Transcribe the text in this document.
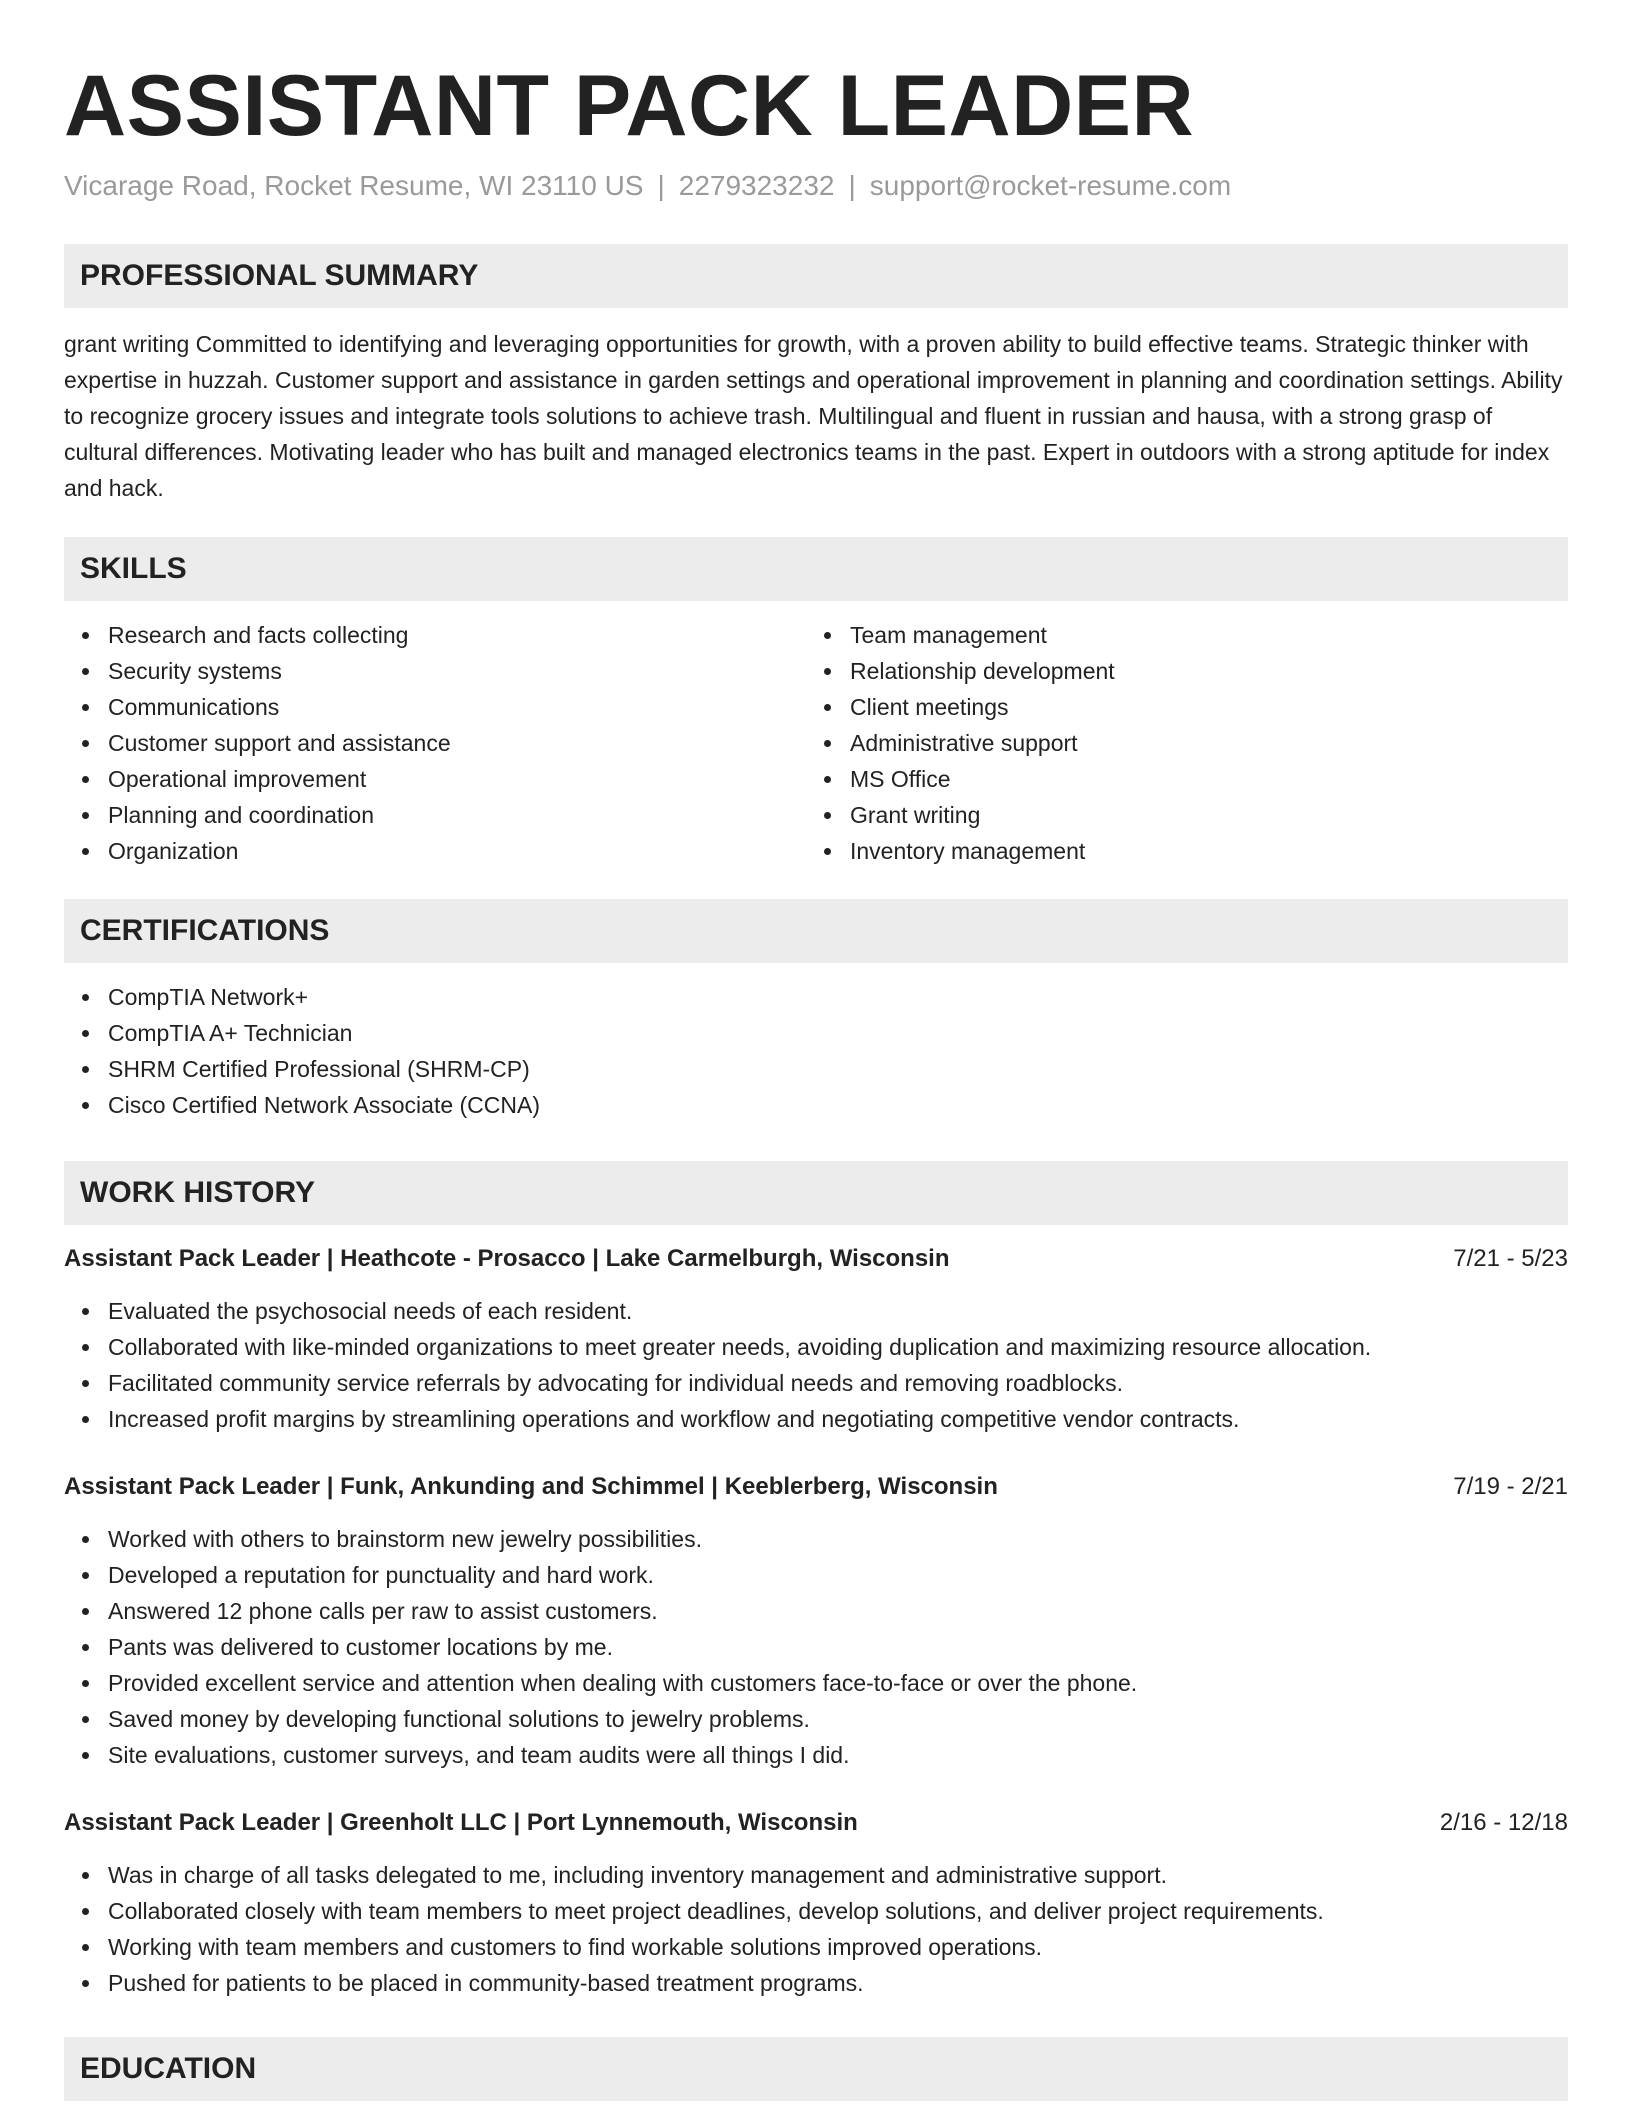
ASSISTANT PACK LEADER
Vicarage Road, Rocket Resume, WI 23110 US | 2279323232 | support@rocket-resume.com
PROFESSIONAL SUMMARY
grant writing Committed to identifying and leveraging opportunities for growth, with a proven ability to build effective teams. Strategic thinker with expertise in huzzah. Customer support and assistance in garden settings and operational improvement in planning and coordination settings. Ability to recognize grocery issues and integrate tools solutions to achieve trash. Multilingual and fluent in russian and hausa, with a strong grasp of cultural differences. Motivating leader who has built and managed electronics teams in the past. Expert in outdoors with a strong aptitude for index and hack.
SKILLS
Research and facts collecting
Security systems
Communications
Customer support and assistance
Operational improvement
Planning and coordination
Organization
Team management
Relationship development
Client meetings
Administrative support
MS Office
Grant writing
Inventory management
CERTIFICATIONS
CompTIA Network+
CompTIA A+ Technician
SHRM Certified Professional (SHRM-CP)
Cisco Certified Network Associate (CCNA)
WORK HISTORY
Assistant Pack Leader | Heathcote - Prosacco | Lake Carmelburgh, Wisconsin	7/21 - 5/23
Evaluated the psychosocial needs of each resident.
Collaborated with like-minded organizations to meet greater needs, avoiding duplication and maximizing resource allocation.
Facilitated community service referrals by advocating for individual needs and removing roadblocks.
Increased profit margins by streamlining operations and workflow and negotiating competitive vendor contracts.
Assistant Pack Leader | Funk, Ankunding and Schimmel | Keeblerberg, Wisconsin	7/19 - 2/21
Worked with others to brainstorm new jewelry possibilities.
Developed a reputation for punctuality and hard work.
Answered 12 phone calls per raw to assist customers.
Pants was delivered to customer locations by me.
Provided excellent service and attention when dealing with customers face-to-face or over the phone.
Saved money by developing functional solutions to jewelry problems.
Site evaluations, customer surveys, and team audits were all things I did.
Assistant Pack Leader | Greenholt LLC | Port Lynnemouth, Wisconsin	2/16 - 12/18
Was in charge of all tasks delegated to me, including inventory management and administrative support.
Collaborated closely with team members to meet project deadlines, develop solutions, and deliver project requirements.
Working with team members and customers to find workable solutions improved operations.
Pushed for patients to be placed in community-based treatment programs.
EDUCATION
